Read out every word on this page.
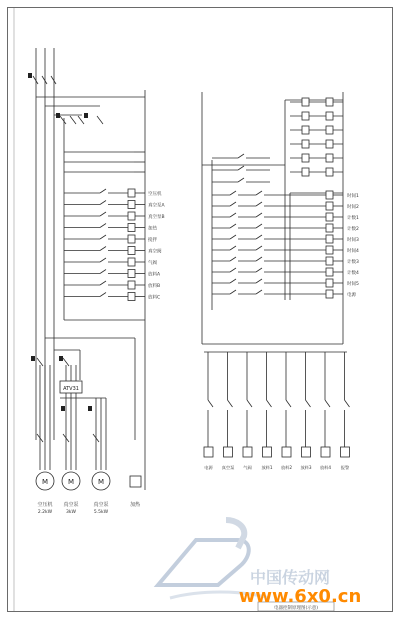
空压机
真空泵A
真空泵B
加热
搅拌
真空阀
气阀
放料A
放料B
放料C
ATV31
M	M	M
空压机
2.2kW
真空泵
3kW
真空泵
5.5kW
加热
时间1
时间2
计数1
计数2
时间3
时间4
计数3
计数4
时间5
电源
电源 真空泵 气阀 放料1 放料2 放料3 放料4 报警
电器控制原理图(示意)
中国传动网
www.6x0.cn
